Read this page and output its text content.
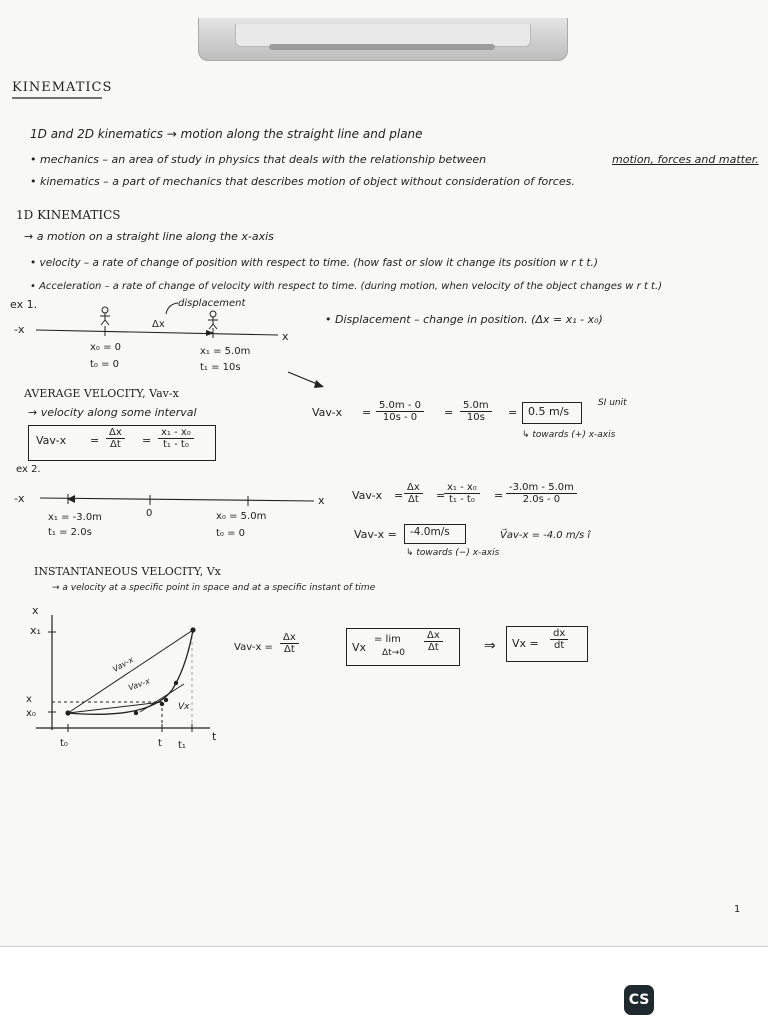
KINEMATICS
1D and 2D kinematics → motion along the straight line and plane
• mechanics – an area of study in physics that deals with the relationship between	motion, forces and matter.
• kinematics – a part of mechanics that describes motion of object without consideration of forces.
1D KINEMATICS
→ a motion on a straight line along the x-axis
• velocity – a rate of change of position with respect to time. (how fast or slow it change its position w r t t.)
• Acceleration – a rate of change of velocity with respect to time. (during motion, when velocity of the object changes w r t t.)
ex 1.	displacement
Δx	• Displacement – change in position. (Δx = x₁ - x₀)
-x
x
x₀ = 0
t₀ = 0
x₁ = 5.0m
t₁ = 10s
AVERAGE VELOCITY, Vav-x
→ velocity along some interval
$Vav-x = \frac{\Delta x}{\Delta t} = \frac{\text{x₁ - x₀}}{\text{t₁ - t₀}}$
$Vav-x = \frac{5.0m - 0}{10s - 0} = \frac{5.0m}{10s} = 0.5$ m/s
SI unit
↳ towards (+) x-axis
ex 2.
-x	x
0
x₁ = -3.0m
t₁ = 2.0s
x₀ = 5.0m
t₀ = 0
$Vav-x = \frac{\Delta x}{\Delta t}$ =
$\frac{\text{x₁ - x₀}}{\text{t₁ - t₀}} = \frac{-3.0m - 5.0m}{2.0s - 0}$
Vav-x = -4.0m/s
↳ towards (−) x-axis
V⃗av-x = -4.0 m/s î
INSTANTANEOUS VELOCITY, Vx
→ a velocity at a specific point in space and at a specific instant of time
x
x₁
x
x₀
t
t₀	t t₁
Vav-x
Vav-x
Vx
$Vav-x = \frac{\Delta x}{\Delta t}$	Vx
= lim
$\Delta t\to 0 \frac{\Delta x}{\Delta t}$	⇒ $Vx = \frac{dx}{dt}$
1
CS
